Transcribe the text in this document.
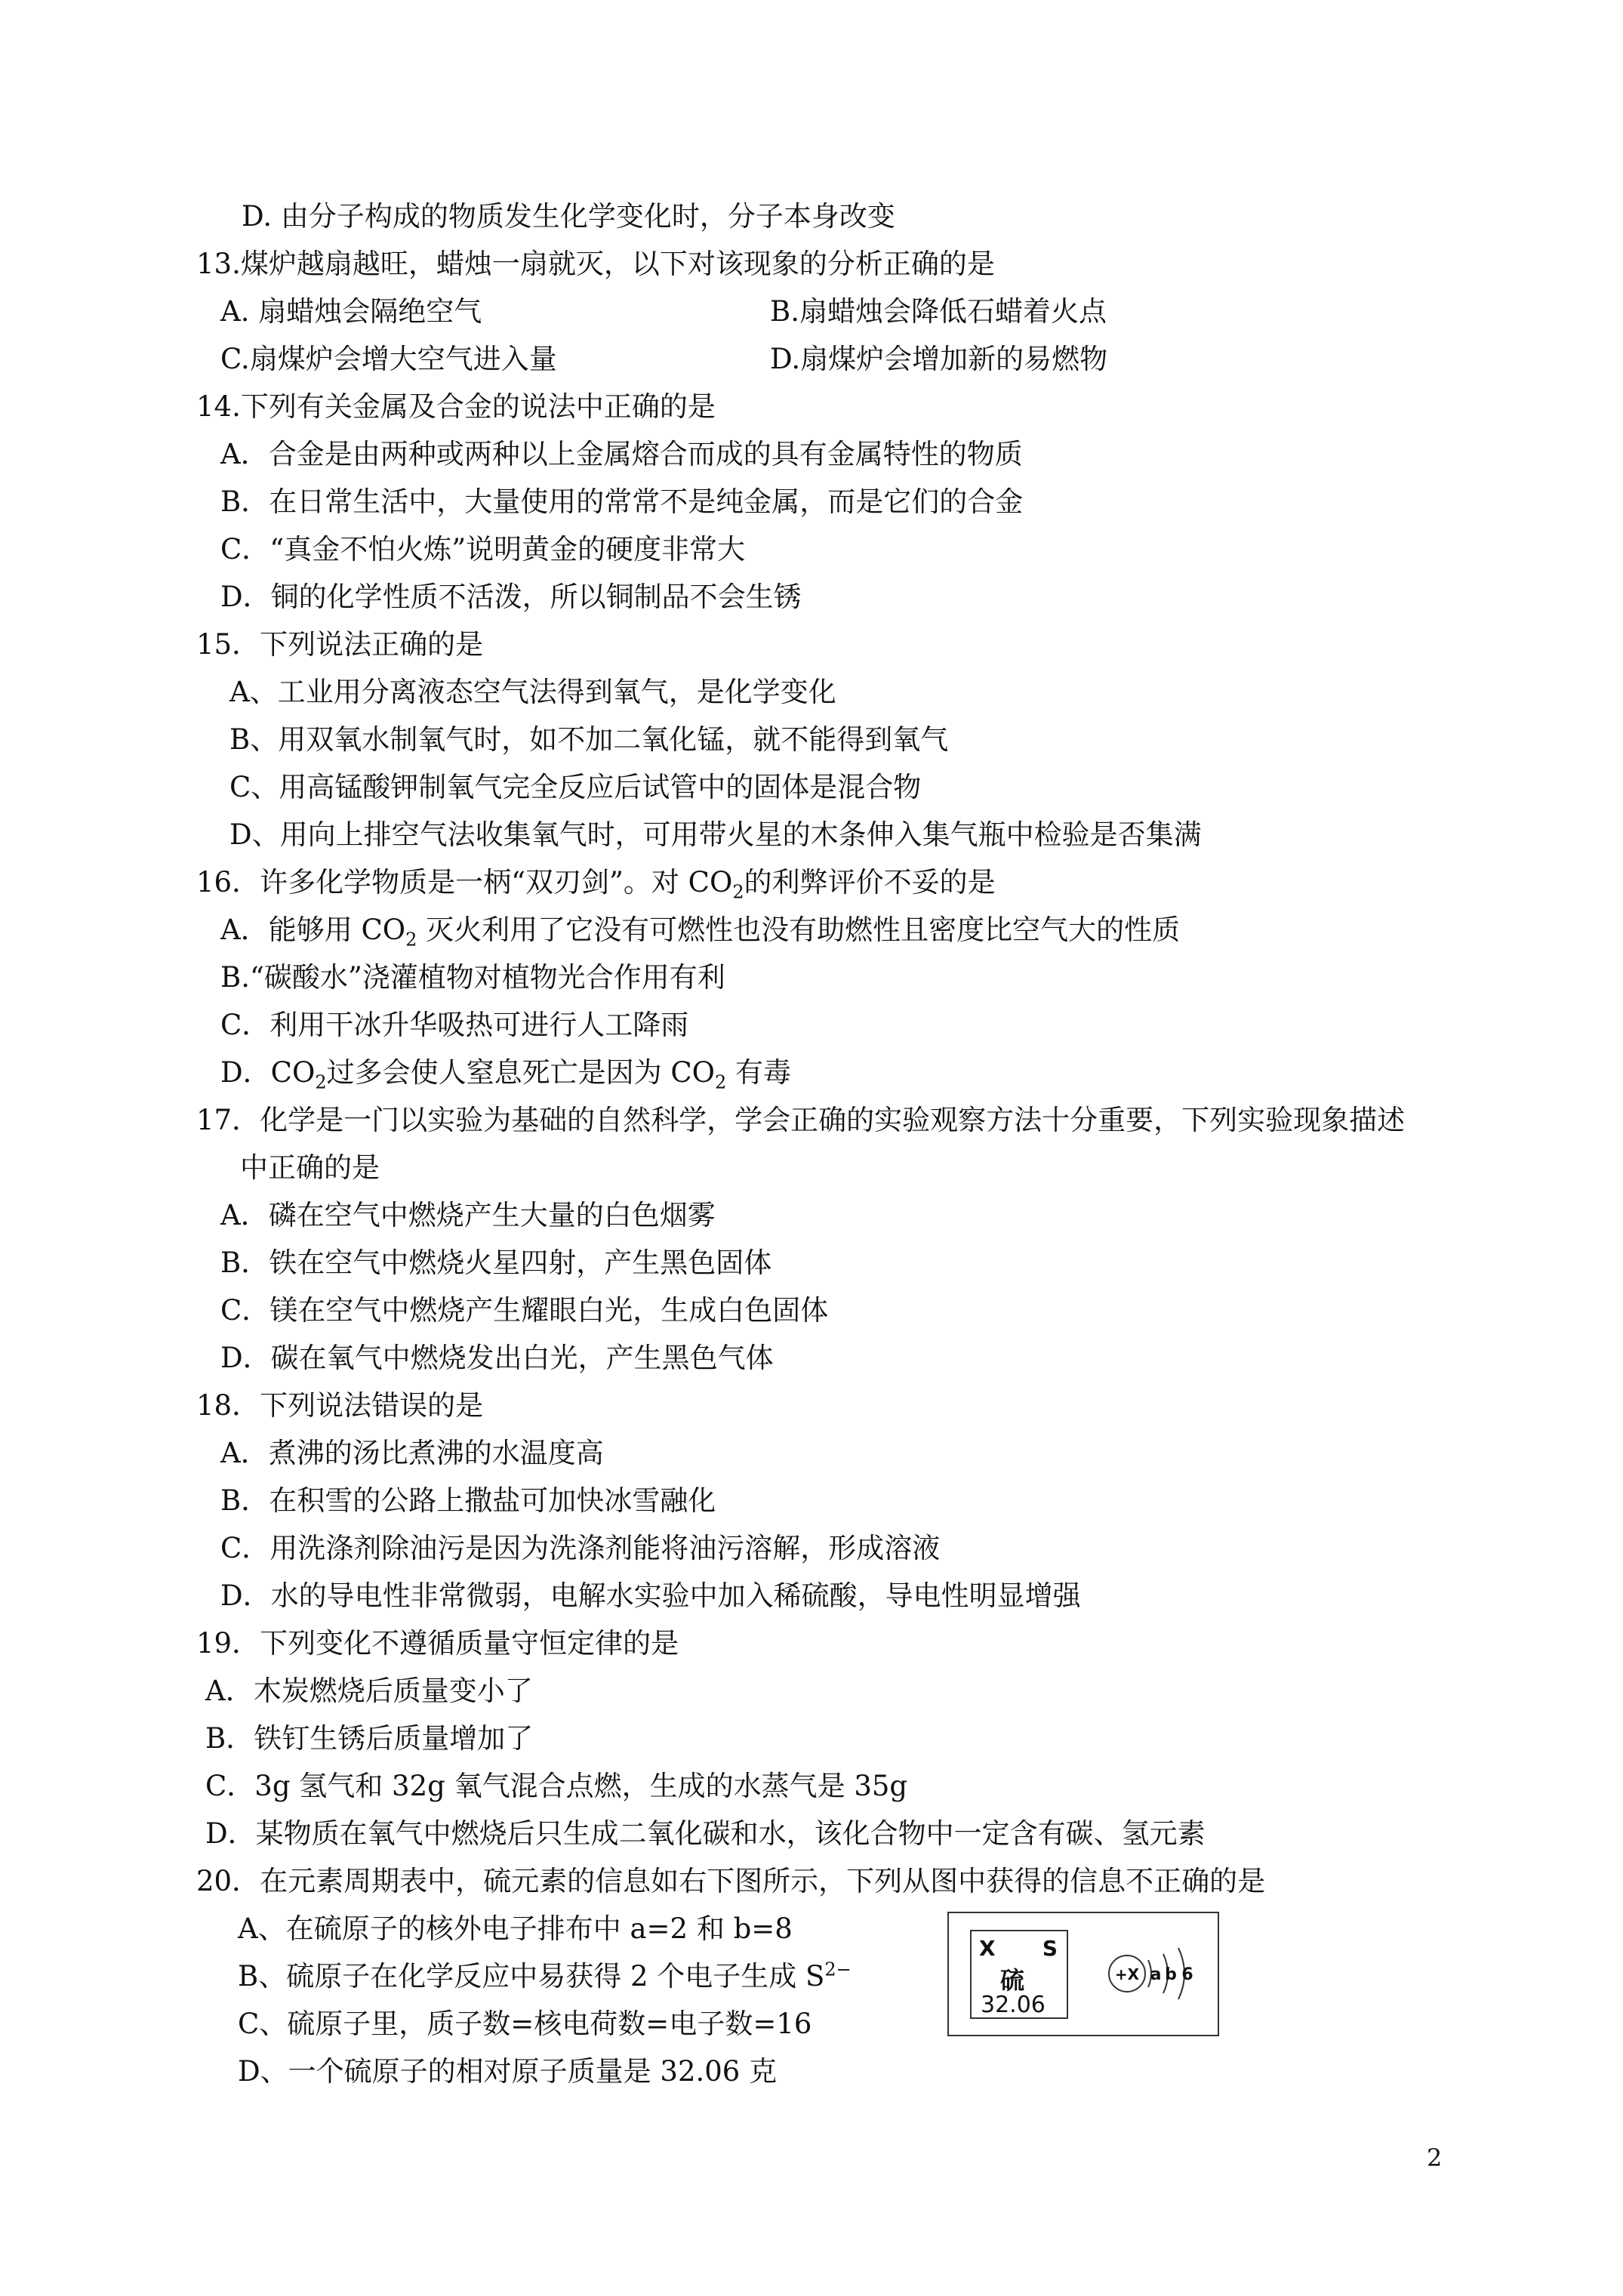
D. 由分子构成的物质发生化学变化时，分子本身改变
13.煤炉越扇越旺，蜡烛一扇就灭，以下对该现象的分析正确的是
A. 扇蜡烛会隔绝空气	B.扇蜡烛会降低石蜡着火点
C.扇煤炉会增大空气进入量	D.扇煤炉会增加新的易燃物
14.下列有关金属及合金的说法中正确的是
A．合金是由两种或两种以上金属熔合而成的具有金属特性的物质
B．在日常生活中，大量使用的常常不是纯金属，而是它们的合金
C．“真金不怕火炼”说明黄金的硬度非常大
D．铜的化学性质不活泼，所以铜制品不会生锈
15．下列说法正确的是
A、工业用分离液态空气法得到氧气，是化学变化
B、用双氧水制氧气时，如不加二氧化锰，就不能得到氧气
C、用高锰酸钾制氧气完全反应后试管中的固体是混合物
D、用向上排空气法收集氧气时，可用带火星的木条伸入集气瓶中检验是否集满
16．许多化学物质是一柄“双刃剑”。对 $CO_2$的利弊评价不妥的是
A．能够用 $CO_2$ 灭火利用了它没有可燃性也没有助燃性且密度比空气大的性质
B.“碳酸水”浇灌植物对植物光合作用有利
C．利用干冰升华吸热可进行人工降雨
D．$CO_2$过多会使人窒息死亡是因为 $CO_2$ 有毒
17．化学是一门以实验为基础的自然科学，学会正确的实验观察方法十分重要，下列实验现象描述
中正确的是
A．磷在空气中燃烧产生大量的白色烟雾
B．铁在空气中燃烧火星四射，产生黑色固体
C．镁在空气中燃烧产生耀眼白光，生成白色固体
D．碳在氧气中燃烧发出白光，产生黑色气体
18．下列说法错误的是
A．煮沸的汤比煮沸的水温度高
B．在积雪的公路上撒盐可加快冰雪融化
C．用洗涤剂除油污是因为洗涤剂能将油污溶解，形成溶液
D．水的导电性非常微弱，电解水实验中加入稀硫酸，导电性明显增强
19．下列变化不遵循质量守恒定律的是
A．木炭燃烧后质量变小了
B．铁钉生锈后质量增加了
C．3g 氢气和 32g 氧气混合点燃，生成的水蒸气是 35g
D．某物质在氧气中燃烧后只生成二氧化碳和水，该化合物中一定含有碳、氢元素
20．在元素周期表中，硫元素的信息如右下图所示，下列从图中获得的信息不正确的是
A、在硫原子的核外电子排布中 a=2 和 b=8
B、硫原子在化学反应中易获得 2 个电子生成 $S^{2-}$
C、硫原子里，质子数=核电荷数=电子数=16
D、一个硫原子的相对原子质量是 32.06 克
X S
硫
32.06
+X a b 6
2
